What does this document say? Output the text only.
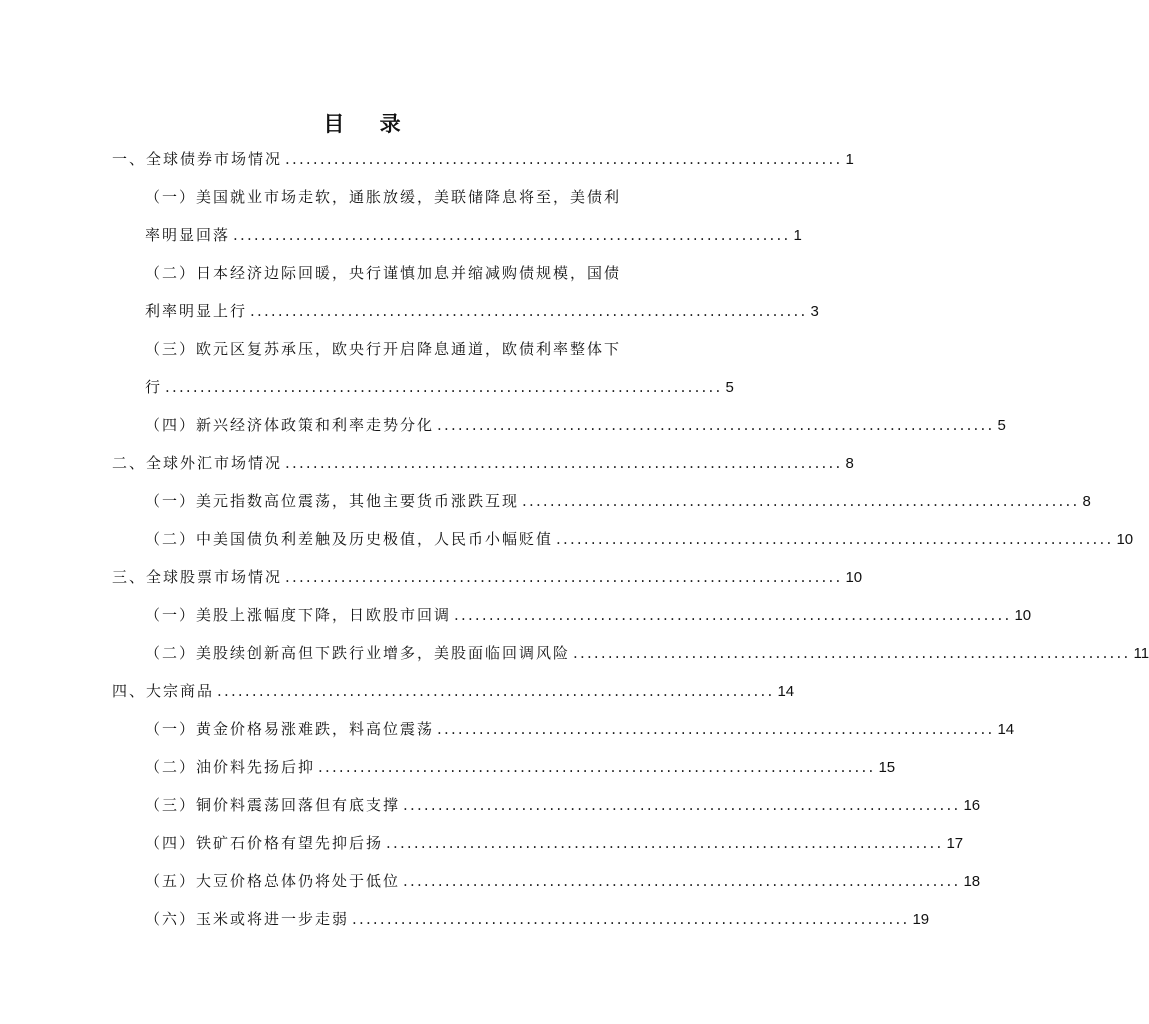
目 录
一、全球债券市场情况 ................................................................................ 1
（一）美国就业市场走软，通胀放缓，美联储降息将至，美债利
率明显回落 ................................................................................ 1
（二）日本经济边际回暖，央行谨慎加息并缩减购债规模，国债
利率明显上行 ................................................................................ 3
（三）欧元区复苏承压，欧央行开启降息通道，欧债利率整体下
行 ................................................................................ 5
（四）新兴经济体政策和利率走势分化 ................................................................................ 5
二、全球外汇市场情况 ................................................................................ 8
（一）美元指数高位震荡，其他主要货币涨跌互现 ................................................................................ 8
（二）中美国债负利差触及历史极值，人民币小幅贬值 ................................................................................ 10
三、全球股票市场情况 ................................................................................ 10
（一）美股上涨幅度下降，日欧股市回调 ................................................................................ 10
（二）美股续创新高但下跌行业增多，美股面临回调风险 ................................................................................ 11
四、大宗商品 ................................................................................ 14
（一）黄金价格易涨难跌，料高位震荡 ................................................................................ 14
（二）油价料先扬后抑 ................................................................................ 15
（三）铜价料震荡回落但有底支撑 ................................................................................ 16
（四）铁矿石价格有望先抑后扬 ................................................................................ 17
（五）大豆价格总体仍将处于低位 ................................................................................ 18
（六）玉米或将进一步走弱 ................................................................................ 19
